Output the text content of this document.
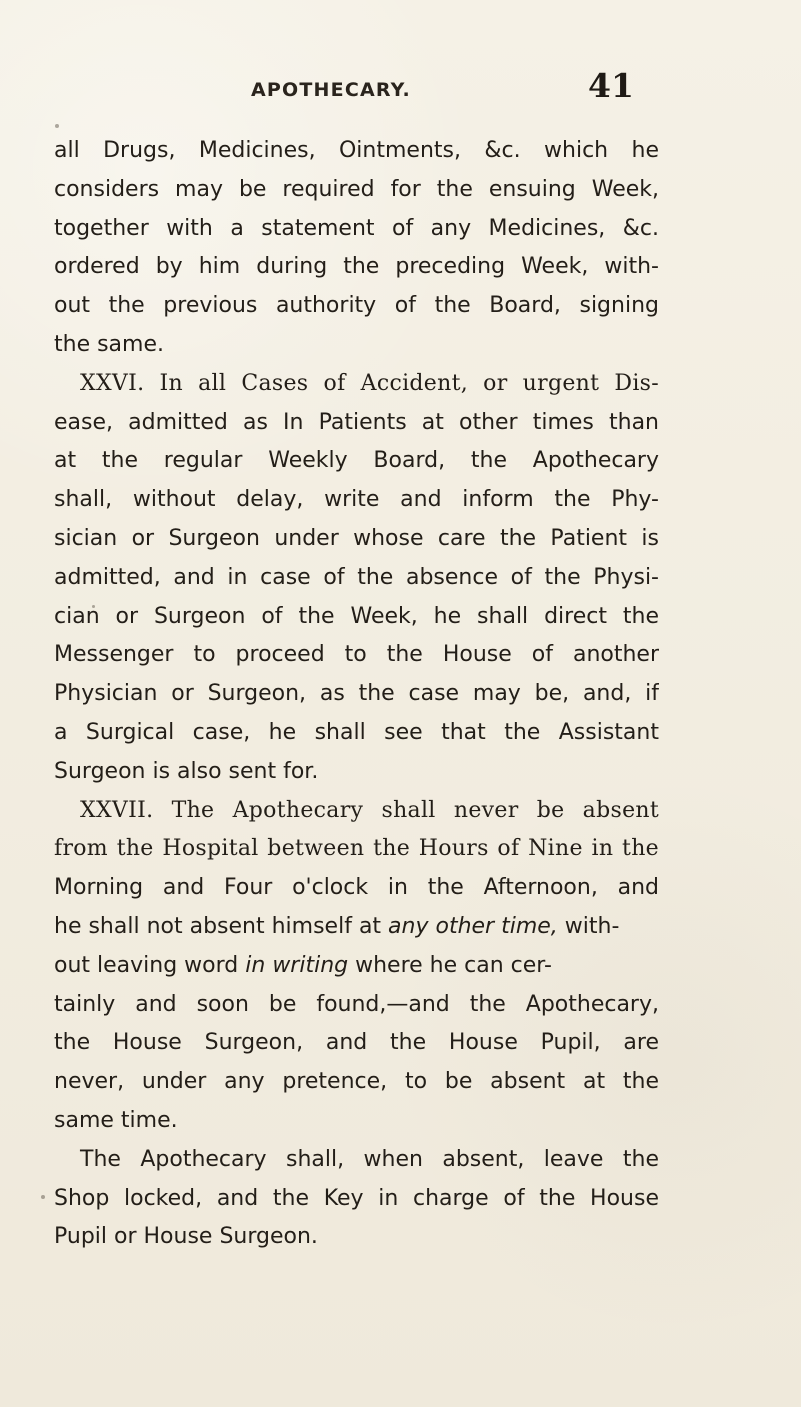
APOTHECARY.	41
all Drugs, Medicines, Ointments, &c. which he
considers may be required for the ensuing Week,
together with a statement of any Medicines, &c.
ordered by him during the preceding Week, with-
out the previous authority of the Board, signing
the same.
XXVI. In all Cases of Accident, or urgent Dis-
ease, admitted as In Patients at other times than
at the regular Weekly Board, the Apothecary
shall, without delay, write and inform the Phy-
sician or Surgeon under whose care the Patient is
admitted, and in case of the absence of the Physi-
cian or Surgeon of the Week, he shall direct the
Messenger to proceed to the House of another
Physician or Surgeon, as the case may be, and, if
a Surgical case, he shall see that the Assistant
Surgeon is also sent for.
XXVII. The Apothecary shall never be absent
from the Hospital between the Hours of Nine in the
Morning and Four o'clock in the Afternoon, and
he shall not absent himself at any other time, with-
out leaving word in writing where he can cer-
tainly and soon be found,—and the Apothecary,
the House Surgeon, and the House Pupil, are
never, under any pretence, to be absent at the
same time.
The Apothecary shall, when absent, leave the
Shop locked, and the Key in charge of the House
Pupil or House Surgeon.
